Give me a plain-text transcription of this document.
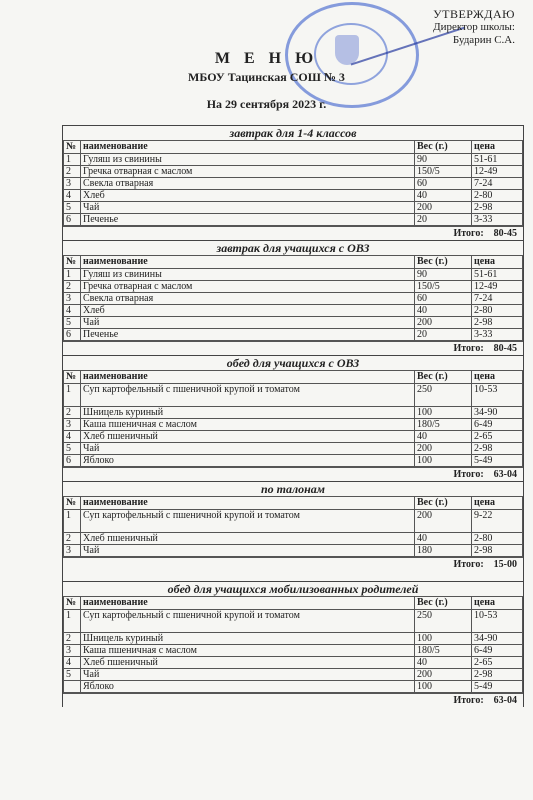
УТВЕРЖДАЮ
Директор школы:
Бударин С.А.
М Е Н Ю
МБОУ Тацинская СОШ № 3
На 29 сентября 2023 г.
завтрак для 1-4 классов
№	наименование	Вес (г.)	цена
1	Гуляш из свинины	90	51-61
2	Гречка отварная с маслом	150/5	12-49
3	Свекла отварная	60	7-24
4	Хлеб	40	2-80
5	Чай	200	2-98
6	Печенье	20	3-33
Итого: 80-45
завтрак для учащихся с ОВЗ
№	наименование	Вес (г.)	цена
1	Гуляш из свинины	90	51-61
2	Гречка отварная с маслом	150/5	12-49
3	Свекла отварная	60	7-24
4	Хлеб	40	2-80
5	Чай	200	2-98
6	Печенье	20	3-33
Итого: 80-45
обед для учащихся с ОВЗ
№	наименование	Вес (г.)	цена
1	Суп картофельный с пшеничной крупой и томатом	250	10-53
2	Шницель куриный	100	34-90
3	Каша пшеничная с маслом	180/5	6-49
4	Хлеб пшеничный	40	2-65
5	Чай	200	2-98
6	Яблоко	100	5-49
Итого: 63-04
по талонам
№	наименование	Вес (г.)	цена
1	Суп картофельный с пшеничной крупой и томатом	200	9-22
2	Хлеб пшеничный	40	2-80
3	Чай	180	2-98
Итого: 15-00
обед для учащихся мобилизованных родителей
№	наименование	Вес (г.)	цена
1	Суп картофельный с пшеничной крупой и томатом	250	10-53
2	Шницель куриный	100	34-90
3	Каша пшеничная с маслом	180/5	6-49
4	Хлеб пшеничный	40	2-65
5	Чай	200	2-98
	Яблоко	100	5-49
Итого: 63-04
